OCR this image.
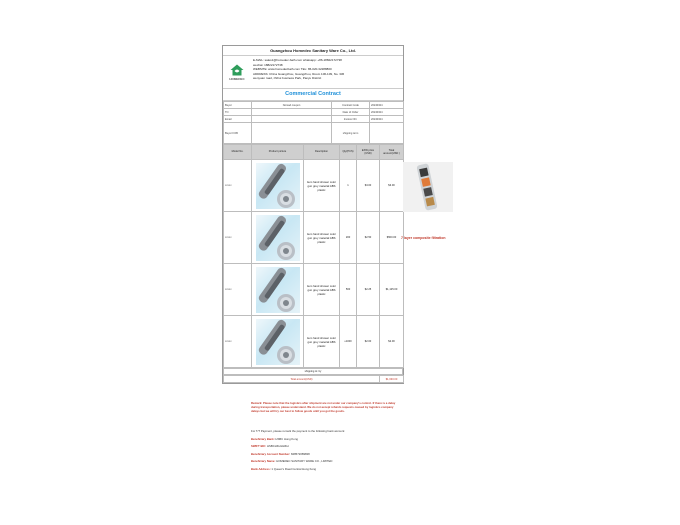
Guangzhou Homedec Sanitary Ware Co., Ltd.
HOMEDEC
E-MAIL: sales1@homedec-bath.com whatsapp: +86-18822172738
wechat: 18822172738
WEBSITE: www.homedecbath.com TEL: 86-020-32288800
ADDRESS: China Guangzhou, Guangzhou, Room 106-109, No. 336
wenyuan road, zhihui business Park, Panyu District
Commercial Contract
Buyer	Nomad coupon	Contract Code	20240324
TO		Date of Order	20240324
Email		Invoice NO.	20240324
Buyer FOB		shipping term	
Model No.	Product picture	Description	Qty(PCS)	EXW price (USD)	Total amount(USD )
xxxxx		item hand shower color gun grey material:ABS plastic	1	$3.00	$3.00
xxxxx		item hand shower color gun grey material:ABS plastic	200	$2.50	$500.00
xxxxx		item hand shower color gun grey material:ABS plastic	500	$2.25	$1,125.00
xxxxx		item hand shower color gun grey material:ABS plastic	≥1000	$2.00	$2.00
shipping to: by
Total amount(USD)	$1,630.00
7 layer composite filtration
Remark: Please note that the logistics after shipment are not under our company's control. If there is a delay during transportation, please understand. We do not accept refunds requests caused by logistics company delays but we will try our best to follow goods until you got the goods.
For T/T Payment, please remark the payment to the following bank account:
Beneficiary Bank: HSBC Hong Kong
SWIFT BIC: HSBCHKHHHKH
Beneficiary Account Number: 848572089838
Beneficiary Name: HOMEDEC SANITARY WARE CO., LIMITED
Bank Address: 1 Queen's Road Central Hong Kong
